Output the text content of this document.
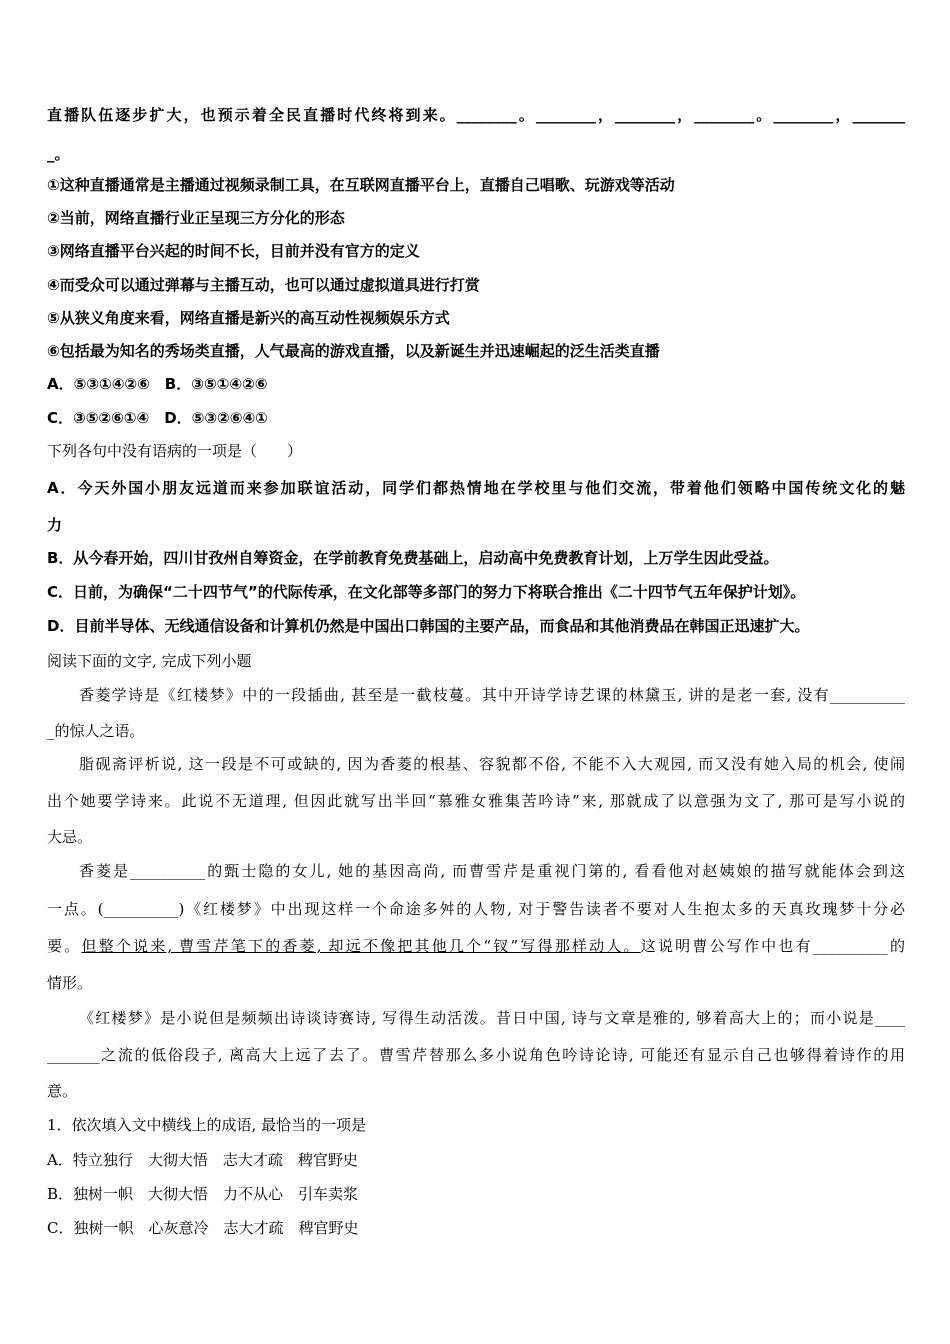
直播队伍逐步扩大，也预示着全民直播时代终将到来。________。________，________，________。________，_______
_。
①这种直播通常是主播通过视频录制工具，在互联网直播平台上，直播自己唱歌、玩游戏等活动
②当前，网络直播行业正呈现三方分化的形态
③网络直播平台兴起的时间不长，目前并没有官方的定义
④而受众可以通过弹幕与主播互动，也可以通过虚拟道具进行打赏
⑤从狭义角度来看，网络直播是新兴的高互动性视频娱乐方式
⑥包括最为知名的秀场类直播，人气最高的游戏直播，以及新诞生并迅速崛起的泛生活类直播
A．⑤③①④②⑥　B．③⑤①④②⑥
C．③⑤②⑥①④　D．⑤③②⑥④①
下列各句中没有语病的一项是（　　）
A．今天外国小朋友远道而来参加联谊活动，同学们都热情地在学校里与他们交流，带着他们领略中国传统文化的魅
力
B．从今春开始，四川甘孜州自筹资金，在学前教育免费基础上，启动高中免费教育计划，上万学生因此受益。
C．日前，为确保“二十四节气”的代际传承，在文化部等多部门的努力下将联合推出《二十四节气五年保护计划》。
D．目前半导体、无线通信设备和计算机仍然是中国出口韩国的主要产品，而食品和其他消费品在韩国正迅速扩大。
阅读下面的文字, 完成下列小题
香菱学诗是《红楼梦》中的一段插曲, 甚至是一截枝蔓。其中开诗学诗艺课的林黛玉, 讲的是老一套, 没有__________
_的惊人之语。
脂砚斋评析说, 这一段是不可或缺的, 因为香菱的根基、容貌都不俗, 不能不入大观园, 而又没有她入局的机会, 使闹
出个她要学诗来。此说不无道理, 但因此就写出半回“慕雅女雅集苦吟诗”来, 那就成了以意强为文了, 那可是写小说的
大忌。
香菱是__________的甄士隐的女儿, 她的基因高尚, 而曹雪芹是重视门第的, 看看他对赵姨娘的描写就能体会到这
一点。(__________)《红楼梦》中出现这样一个命途多舛的人物, 对于警告读者不要对人生抱太多的天真玫瑰梦十分必
要。但整个说来, 曹雪芹笔下的香菱, 却远不像把其他几个“钗”写得那样动人。这说明曹公写作中也有__________的
情形。
《红楼梦》是小说但是频频出诗谈诗赛诗, 写得生动活泼。昔日中国, 诗与文章是雅的, 够着高大上的；而小说是____
_______之流的低俗段子, 离高大上远了去了。曹雪芹替那么多小说角色吟诗论诗, 可能还有显示自己也够得着诗作的用
意。
1．依次填入文中横线上的成语, 最恰当的一项是
A．特立独行　大彻大悟　志大才疏　稗官野史
B．独树一帜　大彻大悟　力不从心　引车卖浆
C．独树一帜　心灰意冷　志大才疏　稗官野史
